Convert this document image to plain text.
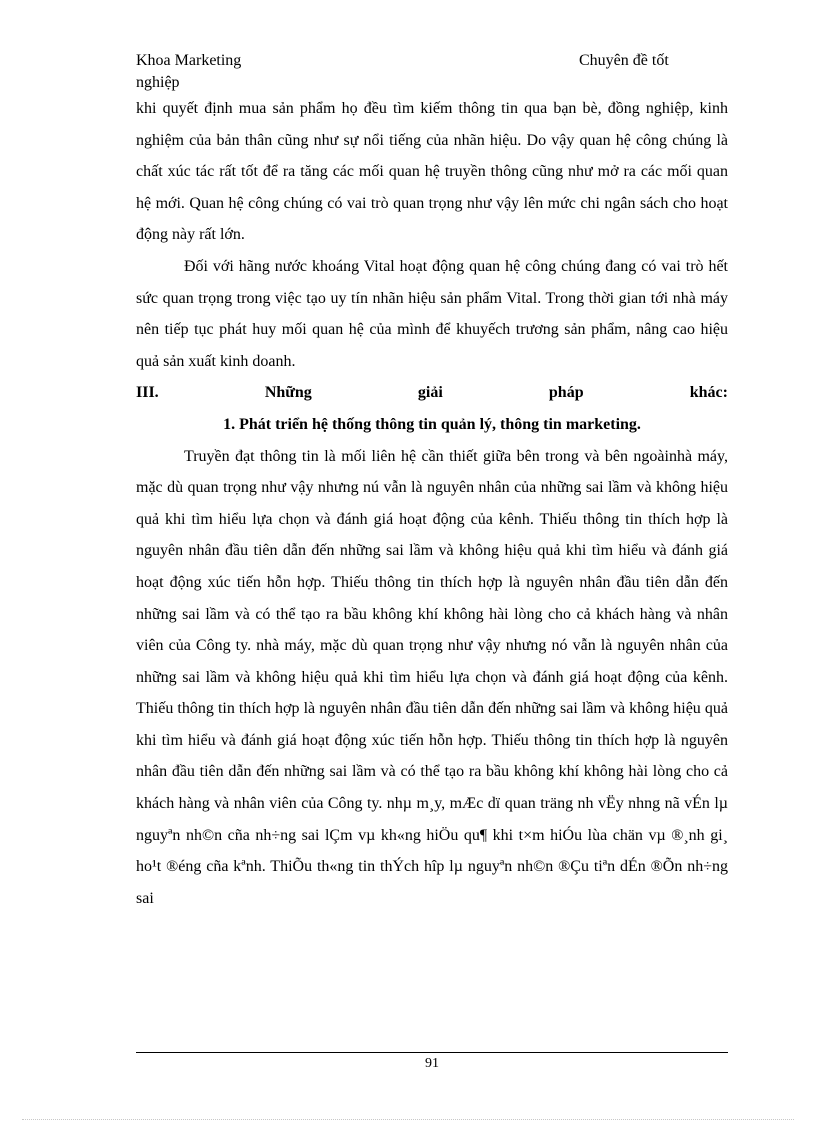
Khoa Marketing	Chuyên đề tốt
nghiệp

khi quyết định mua sản phẩm họ đều tìm kiếm thông tin qua bạn bè, đồng nghiệp, kinh nghiệm của bản thân cũng như sự nổi tiếng của nhãn hiệu. Do vậy quan hệ công chúng là chất xúc tác rất tốt để ra tăng các mối quan hệ truyền thông cũng như mở ra các mối quan hệ mới. Quan hệ công chúng có vai trò quan trọng như vậy lên mức chi ngân sách cho hoạt động này rất lớn.

Đối với hãng nước khoáng Vital hoạt động quan hệ công chúng đang có vai trò hết sức quan trọng trong việc tạo uy tín nhãn hiệu sản phẩm Vital. Trong thời gian tới nhà máy nên tiếp tục phát huy mối quan hệ của mình để khuyếch trương sản phẩm, nâng cao hiệu quả sản xuất kinh doanh.

III.	Những	giải	pháp	khác:

1. Phát triển hệ thống thông tin quản lý, thông tin marketing.

Truyền đạt thông tin là mối liên hệ cần thiết giữa bên trong và bên ngoàinhà máy, mặc dù quan trọng như vậy nhưng nú vẫn là nguyên nhân của những sai lầm và không hiệu quả khi tìm hiểu lựa chọn và đánh giá hoạt động của kênh. Thiếu thông tin thích hợp là nguyên nhân đầu tiên dẫn đến những sai lầm và không hiệu quả khi tìm hiểu và đánh giá hoạt động xúc tiến hỗn hợp. Thiếu thông tin thích hợp là nguyên nhân đầu tiên dẫn đến những sai lầm và có thể tạo ra bầu không khí không hài lòng cho cả khách hàng và nhân viên của Công ty. nhà máy, mặc dù quan trọng như vậy nhưng nó vẫn là nguyên nhân của những sai lầm và không hiệu quả khi tìm hiểu lựa chọn và đánh giá hoạt động của kênh. Thiếu thông tin thích hợp là nguyên nhân đầu tiên dẫn đến những sai lầm và không hiệu quả khi tìm hiểu và đánh giá hoạt động xúc tiến hỗn hợp. Thiếu thông tin thích hợp là nguyên nhân đầu tiên dẫn đến những sai lầm và có thể tạo ra bầu không khí không hài lòng cho cả khách hàng và nhân viên của Công ty. nhµ m¸y, mÆc dï quan träng nh vËy nhng nã vÉn lµ nguyªn nh©n cña nh÷ng sai lÇm vµ kh«ng hiÖu qu¶ khi t×m hiÓu lùa chän vµ ®¸nh gi¸ ho¹t ®éng cña kªnh. ThiÕu th«ng tin thÝch hîp lµ nguyªn nh©n ®Çu tiªn dÉn ®Õn nh÷ng sai

91
